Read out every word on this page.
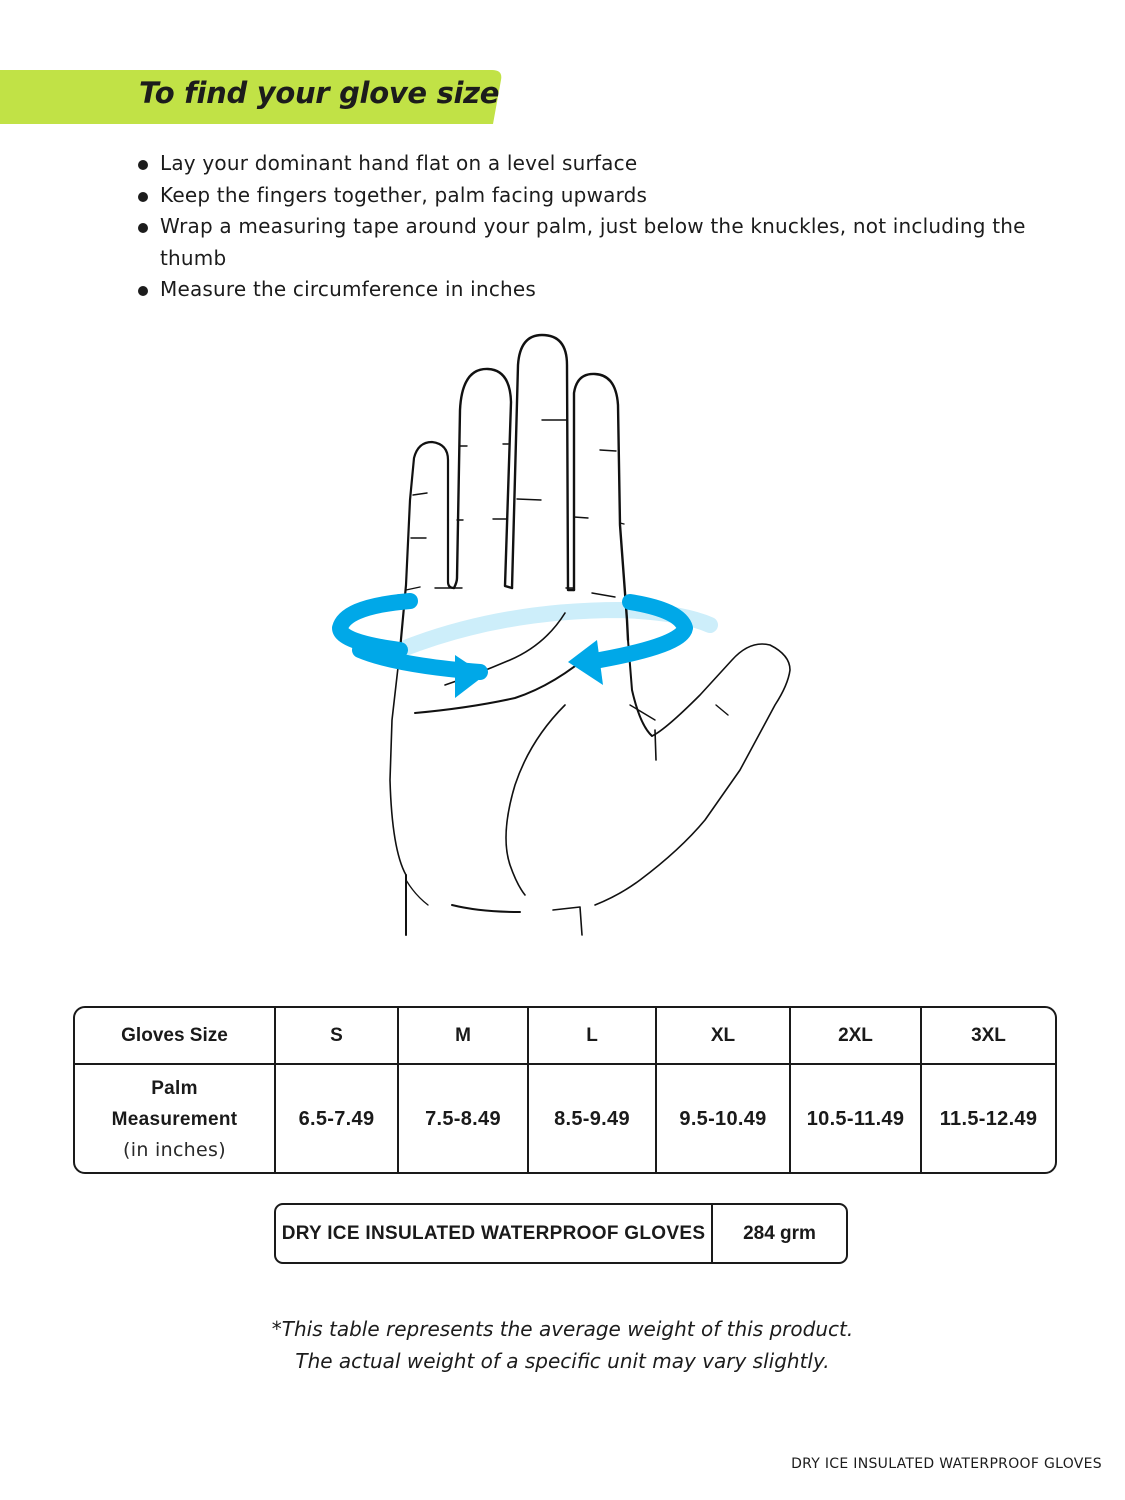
To find your glove size
Lay your dominant hand flat on a level surface
Keep the fingers together, palm facing upwards
Wrap a measuring tape around your palm, just below the knuckles, not including the thumb
Measure the circumference in inches
Gloves Size	S	M	L	XL	2XL	3XL

Palm
Measurement
(in inches)	6.5-7.49	7.5-8.49	8.5-9.49	9.5-10.49	10.5-11.49	11.5-12.49
DRY ICE INSULATED WATERPROOF GLOVES	284 grm
*This table represents the average weight of this product.
The actual weight of a specific unit may vary slightly.
DRY ICE INSULATED WATERPROOF GLOVES
